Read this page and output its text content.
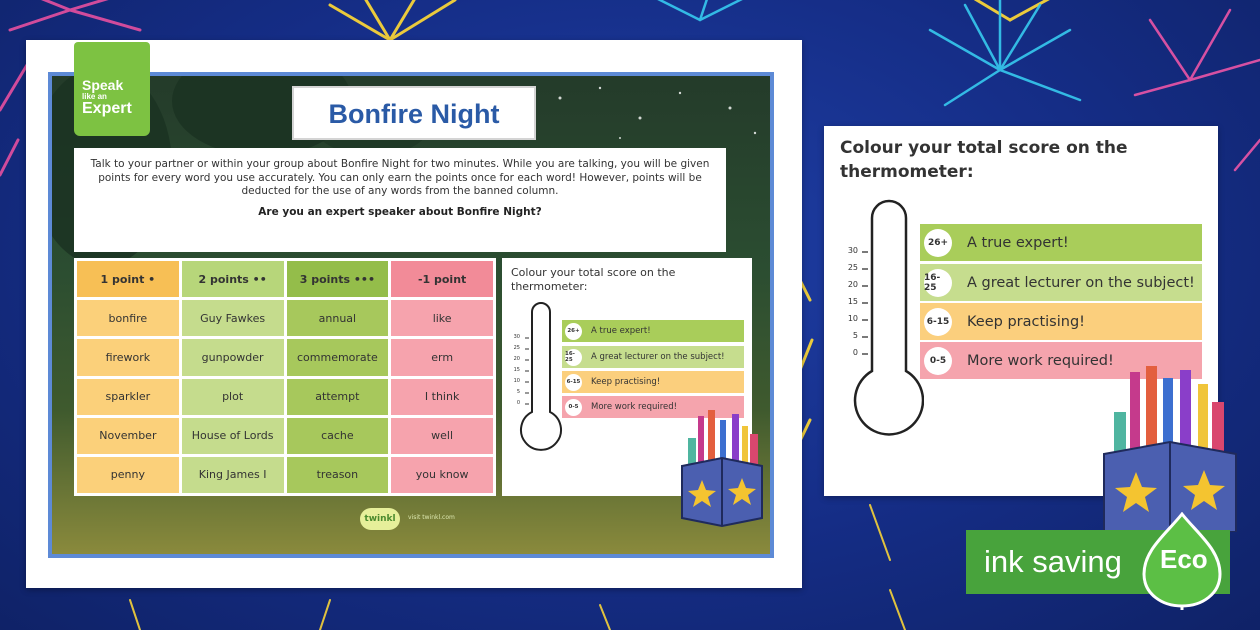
Speak
like an
Expert	Bonfire Night
Talk to your partner or within your group about Bonfire Night for two minutes. While you are talking, you will be given points for every word you use accurately. You can only earn the points once for each word! However, points will be deducted for the use of any words from the banned column.
Are you an expert speaker about Bonfire Night?
1 point •	2 points ••	3 points •••	-1 point
bonfire	Guy Fawkes	annual	like
firework	gunpowder	commemorate	erm
sparkler	plot	attempt	I think
November	House of Lords	cache	well
penny	King James I	treason	you know
Colour your total score on the thermometer:
30
25
20
15
10
5
0
26+ A true expert!
16-25	A great lecturer on the subject!
6-15 Keep practising!
0-5	More work required!
twinkl	visit twinkl.com
Colour your total score on the thermometer:
30
25
20
15
10
5
0
26+ A true expert!
16-25	A great lecturer on the subject!
6-15 Keep practising!
0-5	More work required!
ink saving Eco
